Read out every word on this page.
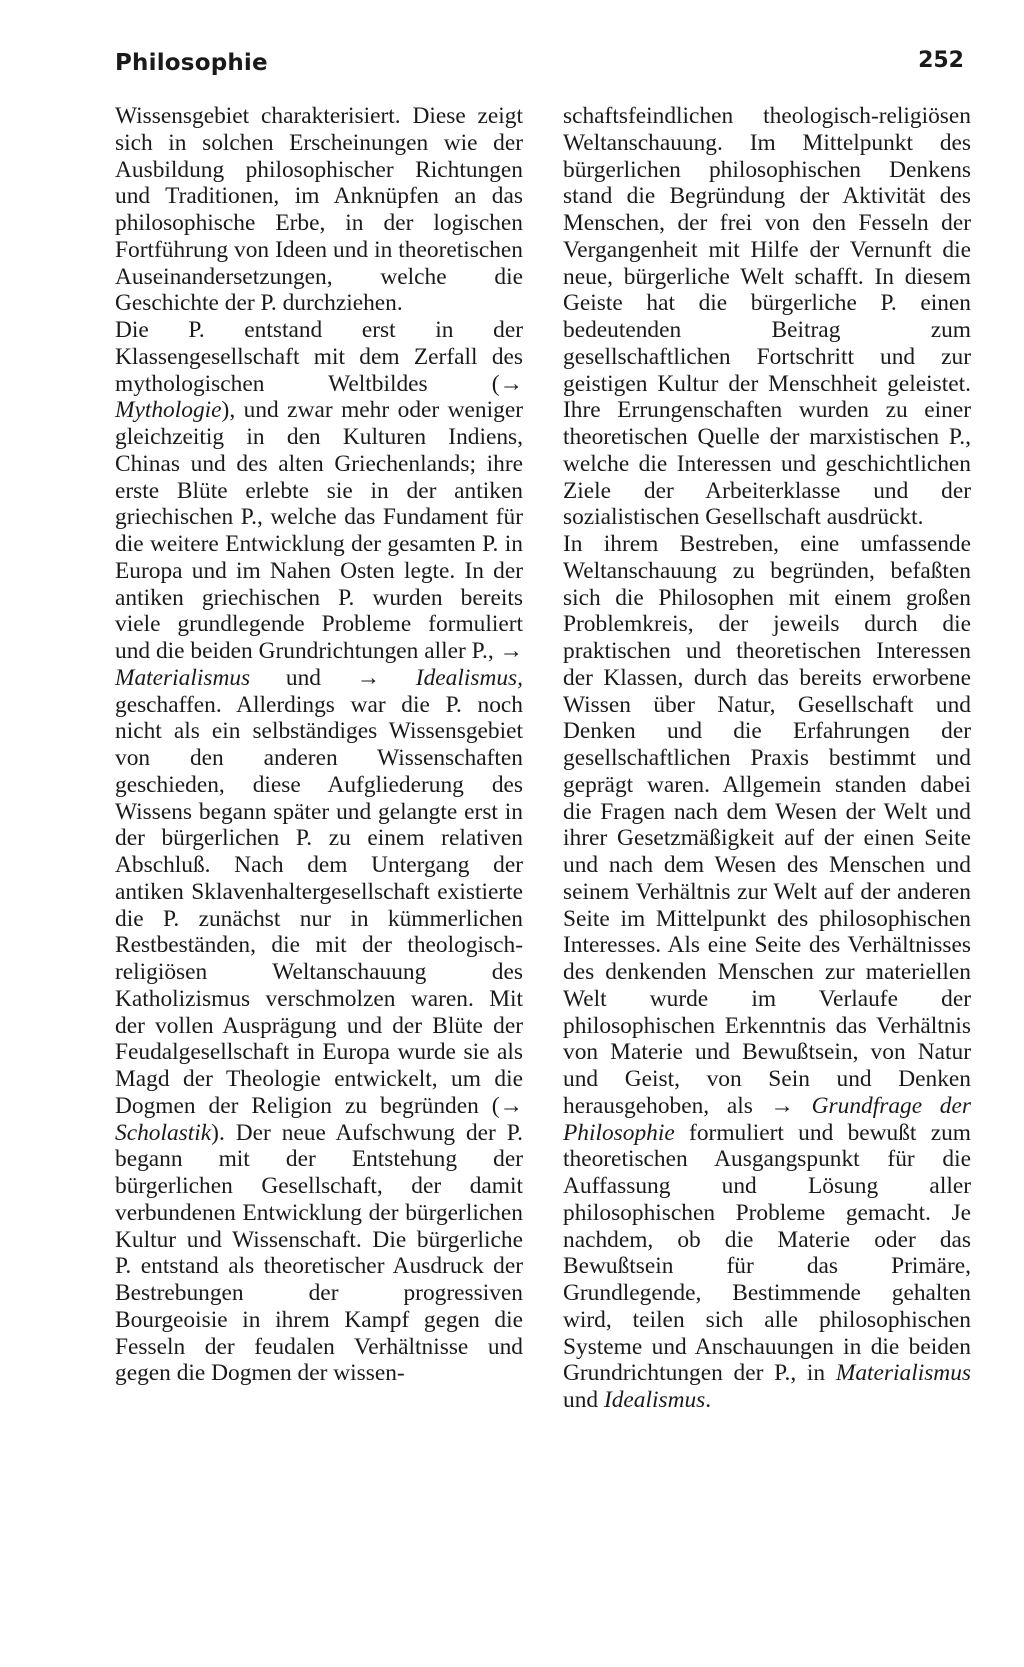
Philosophie	252

Wissensgebiet charakterisiert. Diese zeigt sich in solchen Erscheinungen wie der Ausbildung philosophischer Richtungen und Traditionen, im Anknüpfen an das philosophische Erbe, in der logischen Fortführung von Ideen und in theoretischen Auseinandersetzungen, welche die Geschichte der P. durchziehen.

Die P. entstand erst in der Klassengesellschaft mit dem Zerfall des mythologischen Weltbildes (→ Mythologie), und zwar mehr oder weniger gleichzeitig in den Kulturen Indiens, Chinas und des alten Griechenlands; ihre erste Blüte erlebte sie in der antiken griechischen P., welche das Fundament für die weitere Entwicklung der gesamten P. in Europa und im Nahen Osten legte. In der antiken griechischen P. wurden bereits viele grundlegende Probleme formuliert und die beiden Grundrichtungen aller P., → Materialismus und → Idealismus, geschaffen. Allerdings war die P. noch nicht als ein selbständiges Wissensgebiet von den anderen Wissenschaften geschieden, diese Aufgliederung des Wissens begann später und gelangte erst in der bürgerlichen P. zu einem relativen Abschluß. Nach dem Untergang der antiken Sklavenhaltergesellschaft existierte die P. zunächst nur in kümmerlichen Restbeständen, die mit der theologisch-religiösen Weltanschauung des Katholizismus verschmolzen waren. Mit der vollen Ausprägung und der Blüte der Feudalgesellschaft in Europa wurde sie als Magd der Theologie entwickelt, um die Dogmen der Religion zu begründen (→ Scholastik). Der neue Aufschwung der P. begann mit der Entstehung der bürgerlichen Gesellschaft, der damit verbundenen Entwicklung der bürgerlichen Kultur und Wissenschaft. Die bürgerliche P. entstand als theoretischer Ausdruck der Bestrebungen der progressiven Bourgeoisie in ihrem Kampf gegen die Fesseln der feudalen Verhältnisse und gegen die Dogmen der wissen-

schaftsfeindlichen theologisch-religiösen Weltanschauung. Im Mittelpunkt des bürgerlichen philosophischen Denkens stand die Begründung der Aktivität des Menschen, der frei von den Fesseln der Vergangenheit mit Hilfe der Vernunft die neue, bürgerliche Welt schafft. In diesem Geiste hat die bürgerliche P. einen bedeutenden Beitrag zum gesellschaftlichen Fortschritt und zur geistigen Kultur der Menschheit geleistet. Ihre Errungenschaften wurden zu einer theoretischen Quelle der marxistischen P., welche die Interessen und geschichtlichen Ziele der Arbeiterklasse und der sozialistischen Gesellschaft ausdrückt.

In ihrem Bestreben, eine umfassende Weltanschauung zu begründen, befaßten sich die Philosophen mit einem großen Problemkreis, der jeweils durch die praktischen und theoretischen Interessen der Klassen, durch das bereits erworbene Wissen über Natur, Gesellschaft und Denken und die Erfahrungen der gesellschaftlichen Praxis bestimmt und geprägt waren. Allgemein standen dabei die Fragen nach dem Wesen der Welt und ihrer Gesetzmäßigkeit auf der einen Seite und nach dem Wesen des Menschen und seinem Verhältnis zur Welt auf der anderen Seite im Mittelpunkt des philosophischen Interesses. Als eine Seite des Verhältnisses des denkenden Menschen zur materiellen Welt wurde im Verlaufe der philosophischen Erkenntnis das Verhältnis von Materie und Bewußtsein, von Natur und Geist, von Sein und Denken herausgehoben, als → Grundfrage der Philosophie formuliert und bewußt zum theoretischen Ausgangspunkt für die Auffassung und Lösung aller philosophischen Probleme gemacht. Je nachdem, ob die Materie oder das Bewußtsein für das Primäre, Grundlegende, Bestimmende gehalten wird, teilen sich alle philosophischen Systeme und Anschauungen in die beiden Grundrichtungen der P., in Materialismus und Idealismus.
